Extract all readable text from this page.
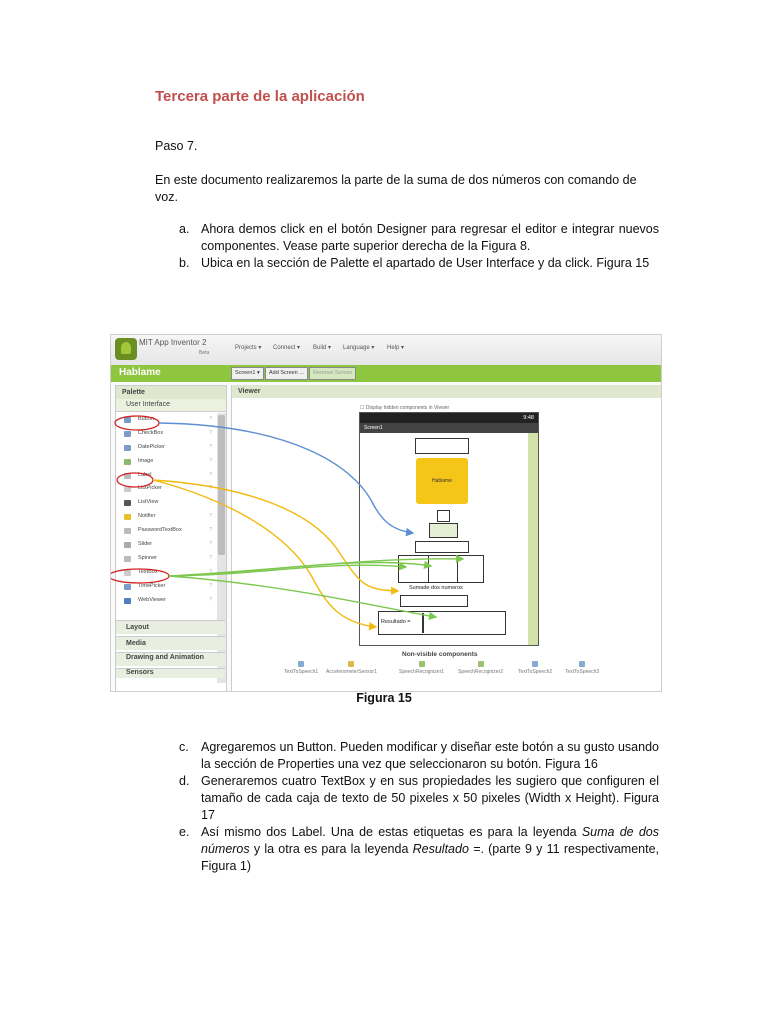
Tercera parte de la aplicación
Paso 7.
En este documento realizaremos la parte de la suma de dos números con comando de voz.
a. Ahora demos click en el botón Designer para regresar el editor e integrar nuevos componentes. Vease parte superior derecha de la Figura 8.
b. Ubica en la sección de Palette el apartado de User Interface y da click. Figura 15
MIT App Inventor 2
Beta
Projects ▾ Connect ▾ Build ▾ Language ▾ Help ▾
Hablame	Screen1 ▾	Add Screen ...	Remove Screen
Palette
User Interface
Button	?
CheckBox	?
DatePicker	?
Image	?
Label	?
ListPicker	?
ListView	?
Notifier	?
PasswordTextBox	?
Slider	?
Spinner	?
TextBox	?
TimePicker	?
WebViewer	?
Layout
Media
Drawing and Animation
Sensors
Viewer
☐ Display hidden components in Viewer
9:48
Screen1
Hablame
Sumade dos numeros
Resultado =
Non-visible components
TextToSpeech1 AccelerometerSensor1	SpeechRecognizer1	SpeechRecognizer2	TextToSpeech2	TextToSpeech3
Figura 15
c. Agregaremos un Button. Pueden modificar y diseñar este botón a su gusto usando la sección de Properties una vez que seleccionaron su botón. Figura 16
d. Generaremos cuatro TextBox y en sus propiedades les sugiero que configuren el tamaño de cada caja de texto de 50 pixeles x 50 pixeles (Width x Height). Figura 17
e. Así mismo dos Label. Una de estas etiquetas es para la leyenda Suma de dos números y la otra es para la leyenda Resultado =. (parte 9 y 11 respectivamente, Figura 1)
